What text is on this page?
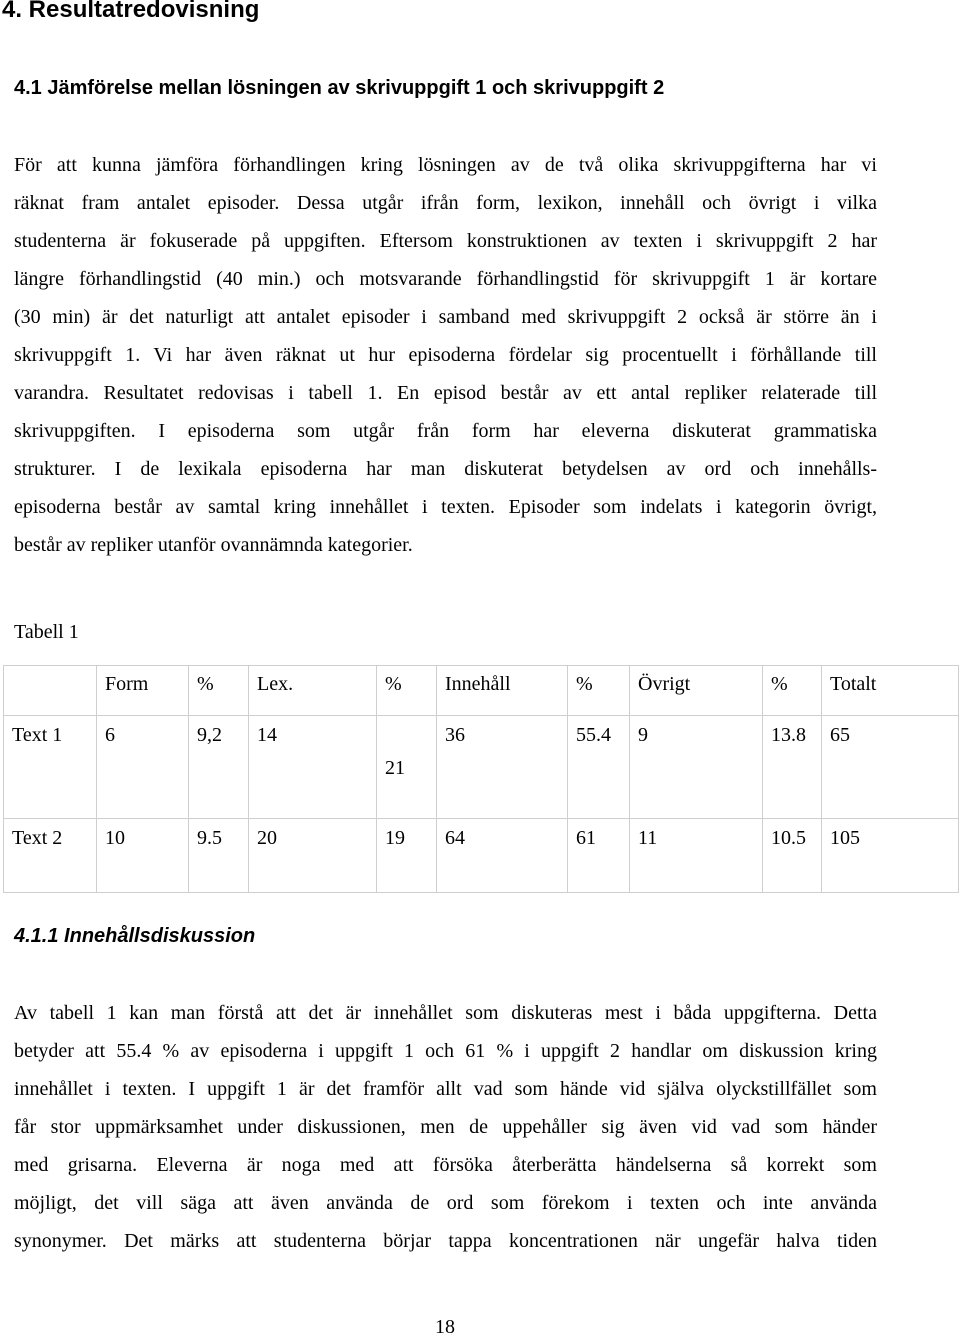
4. Resultatredovisning
4.1 Jämförelse mellan lösningen av skrivuppgift 1 och skrivuppgift 2
För att kunna jämföra förhandlingen kring lösningen av de två olika skrivuppgifterna har vi
räknat fram antalet episoder. Dessa utgår ifrån form, lexikon, innehåll och övrigt i vilka
studenterna är fokuserade på uppgiften. Eftersom konstruktionen av texten i skrivuppgift 2 har
längre förhandlingstid (40 min.) och motsvarande förhandlingstid för skrivuppgift 1 är kortare
(30 min) är det naturligt att antalet episoder i samband med skrivuppgift 2 också är större än i
skrivuppgift 1. Vi har även räknat ut hur episoderna fördelar sig procentuellt i förhållande till
varandra. Resultatet redovisas i tabell 1. En episod består av ett antal repliker relaterade till
skrivuppgiften. I episoderna som utgår från form har eleverna diskuterat grammatiska
strukturer. I de lexikala episoderna har man diskuterat betydelsen av ord och innehålls-
episoderna består av samtal kring innehållet i texten. Episoder som indelats i kategorin övrigt,
består av repliker utanför ovannämnda kategorier.
Tabell 1
	Form	%	Lex.	%	Innehåll	%	Övrigt	%	Totalt
Text 1	6	9,2	14	21	36	55.4	9	13.8	65
Text 2	10	9.5	20	19	64	61	11	10.5	105
4.1.1 Innehållsdiskussion
Av tabell 1 kan man förstå att det är innehållet som diskuteras mest i båda uppgifterna. Detta
betyder att 55.4 % av episoderna i uppgift 1 och 61 % i uppgift 2 handlar om diskussion kring
innehållet i texten. I uppgift 1 är det framför allt vad som hände vid själva olyckstillfället som
får stor uppmärksamhet under diskussionen, men de uppehåller sig även vid vad som händer
med grisarna. Eleverna är noga med att försöka återberätta händelserna så korrekt som
möjligt, det vill säga att även använda de ord som förekom i texten och inte använda
synonymer. Det märks att studenterna börjar tappa koncentrationen när ungefär halva tiden
18
